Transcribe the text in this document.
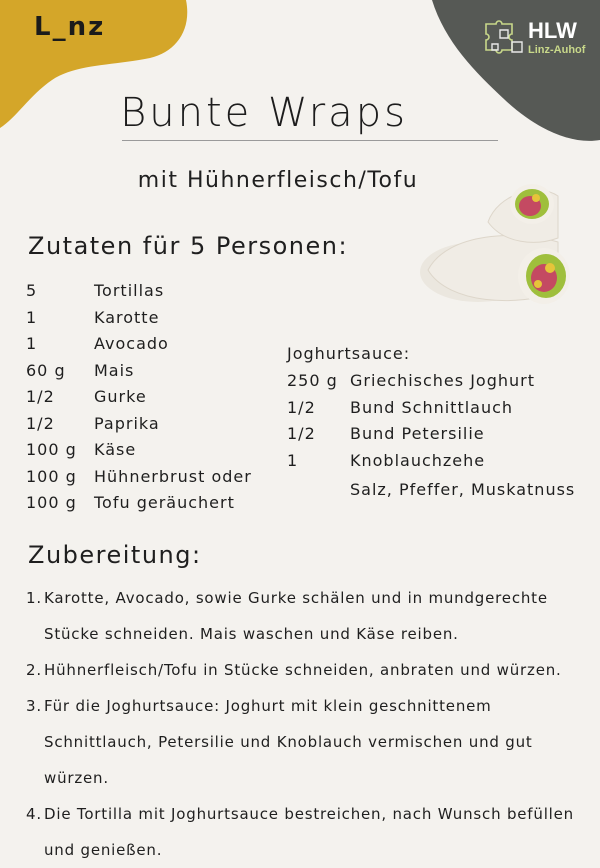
L_nz	HLW
Linz-Auhof
Bunte Wraps
mit Hühnerfleisch/Tofu
Zutaten für 5 Personen:
5	Tortillas
1	Karotte
1	Avocado
60 g Mais
1/2 Gurke
1/2 Paprika
100 g Käse
100 g Hühnerbrust oder
100 g Tofu geräuchert
Joghurtsauce:
250 g Griechisches Joghurt
1/2 Bund Schnittlauch
1/2 Bund Petersilie
1	Knoblauchzehe
Salz, Pfeffer, Muskatnuss
Zubereitung:
1. Karotte, Avocado, sowie Gurke schälen und in mundgerechte Stücke schneiden. Mais waschen und Käse reiben.
2. Hühnerfleisch/Tofu in Stücke schneiden, anbraten und würzen.
3. Für die Joghurtsauce: Joghurt mit klein geschnittenem Schnittlauch, Petersilie und Knoblauch vermischen und gut würzen.
4. Die Tortilla mit Joghurtsauce bestreichen, nach Wunsch befüllen und genießen.
